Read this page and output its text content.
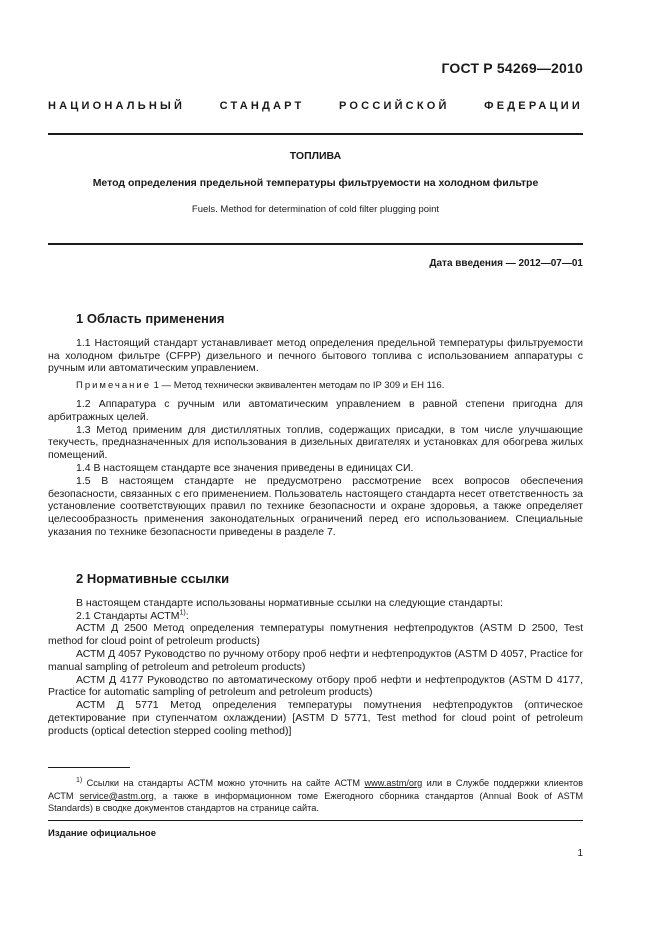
ГОСТ Р 54269—2010
НАЦИОНАЛЬНЫЙ СТАНДАРТ РОССИЙСКОЙ ФЕДЕРАЦИИ
ТОПЛИВА
Метод определения предельной температуры фильтруемости на холодном фильтре
Fuels. Method for determination of cold filter plugging point
Дата введения — 2012—07—01
1 Область применения

1.1 Настоящий стандарт устанавливает метод определения предельной температуры фильтруемости на холодном фильтре (CFPP) дизельного и печного бытового топлива с использованием аппаратуры с ручным или автоматическим управлением.

Примечание 1 — Метод технически эквивалентен методам по IP 309 и ЕН 116.

1.2 Аппаратура с ручным или автоматическим управлением в равной степени пригодна для арбитражных целей.

1.3 Метод применим для дистиллятных топлив, содержащих присадки, в том числе улучшающие текучесть, предназначенных для использования в дизельных двигателях и установках для обогрева жилых помещений.

1.4 В настоящем стандарте все значения приведены в единицах СИ.

1.5 В настоящем стандарте не предусмотрено рассмотрение всех вопросов обеспечения безопасности, связанных с его применением. Пользователь настоящего стандарта несет ответственность за установление соответствующих правил по технике безопасности и охране здоровья, а также определяет целесообразность применения законодательных ограничений перед его использованием. Специальные указания по технике безопасности приведены в разделе 7.

2 Нормативные ссылки

В настоящем стандарте использованы нормативные ссылки на следующие стандарты:

2.1 Стандарты АСТМ$^{1)}$:

АСТМ Д 2500 Метод определения температуры помутнения нефтепродуктов (ASTM D 2500, Test method for cloud point of petroleum products)

АСТМ Д 4057 Руководство по ручному отбору проб нефти и нефтепродуктов (ASTM D 4057, Practice for manual sampling of petroleum and petroleum products)

АСТМ Д 4177 Руководство по автоматическому отбору проб нефти и нефтепродуктов (ASTM D 4177, Practice for automatic sampling of petroleum and petroleum products)

АСТМ Д 5771 Метод определения температуры помутнения нефтепродуктов (оптическое детектирование при ступенчатом охлаждении) [ASTM D 5771, Test method for cloud point of petroleum products (optical detection stepped cooling method)]

$^{1)}$ Ссылки на стандарты АСТМ можно уточнить на сайте АСТМ www.astm/org или в Службе поддержки клиентов АСТМ service@astm.org, а также в информационном томе Ежегодного сборника стандартов (Annual Book of ASTM Standards) в сводке документов стандартов на странице сайта.
Издание официальное
1
